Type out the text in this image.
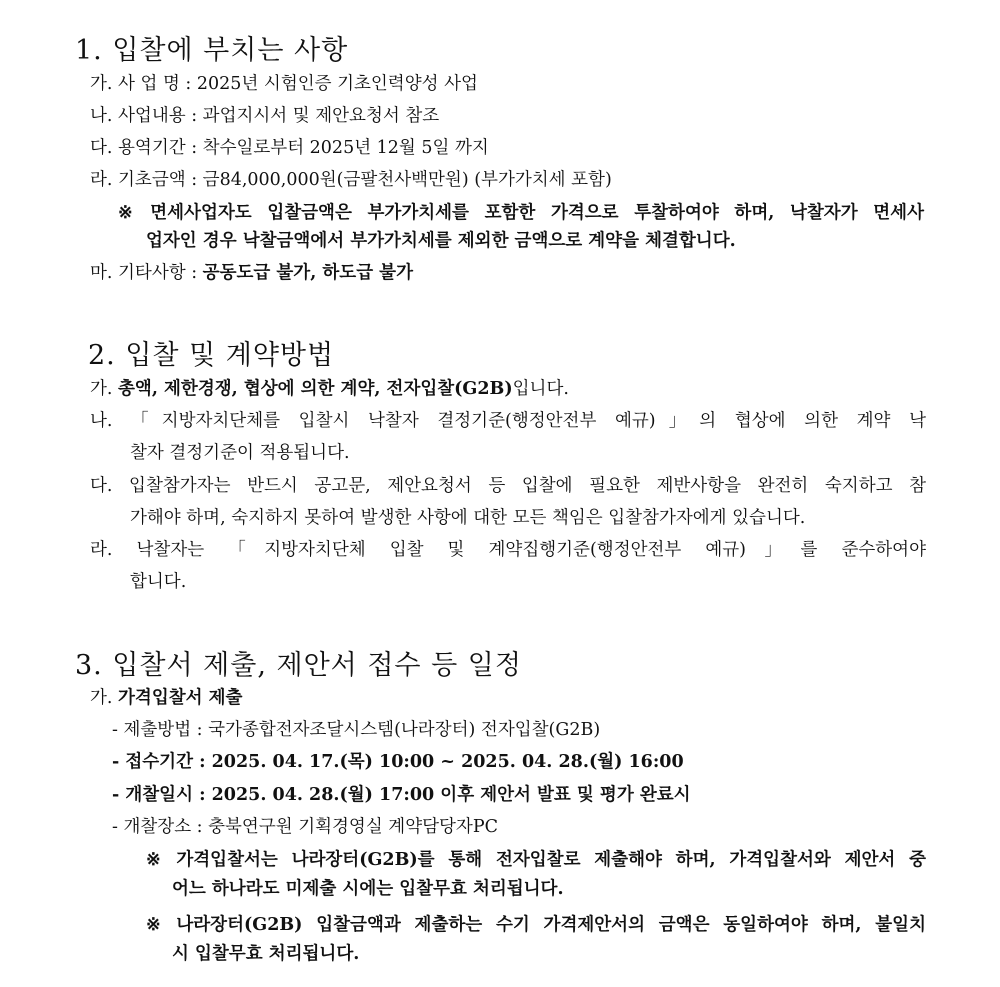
1. 입찰에 부치는 사항
가. 사 업 명 : 2025년 시험인증 기초인력양성 사업
나. 사업내용 : 과업지시서 및 제안요청서 참조
다. 용역기간 : 착수일로부터 2025년 12월 5일 까지
라. 기초금액 : 금84,000,000원(금팔천사백만원) (부가가치세 포함)
※ 면세사업자도 입찰금액은 부가가치세를 포함한 가격으로 투찰하여야 하며, 낙찰자가 면세사
업자인 경우 낙찰금액에서 부가가치세를 제외한 금액으로 계약을 체결합니다.
마. 기타사항 : 공동도급 불가, 하도급 불가
2. 입찰 및 계약방법
가. 총액, 제한경쟁, 협상에 의한 계약, 전자입찰(G2B)입니다.
나. 「지방자치단체를 입찰시 낙찰자 결정기준(행정안전부 예규)」의 협상에 의한 계약 낙
찰자 결정기준이 적용됩니다.
다. 입찰참가자는 반드시 공고문, 제안요청서 등 입찰에 필요한 제반사항을 완전히 숙지하고 참
가해야 하며, 숙지하지 못하여 발생한 사항에 대한 모든 책임은 입찰참가자에게 있습니다.
라. 낙찰자는 「지방자치단체 입찰 및 계약집행기준(행정안전부 예규)」를 준수하여야
합니다.
3. 입찰서 제출, 제안서 접수 등 일정
가. 가격입찰서 제출
- 제출방법 : 국가종합전자조달시스템(나라장터) 전자입찰(G2B)
- 접수기간 : 2025. 04. 17.(목) 10:00 ~ 2025. 04. 28.(월) 16:00
- 개찰일시 : 2025. 04. 28.(월) 17:00 이후 제안서 발표 및 평가 완료시
- 개찰장소 : 충북연구원 기획경영실 계약담당자PC
※ 가격입찰서는 나라장터(G2B)를 통해 전자입찰로 제출해야 하며, 가격입찰서와 제안서 중
어느 하나라도 미제출 시에는 입찰무효 처리됩니다.
※ 나라장터(G2B) 입찰금액과 제출하는 수기 가격제안서의 금액은 동일하여야 하며, 불일치
시 입찰무효 처리됩니다.
